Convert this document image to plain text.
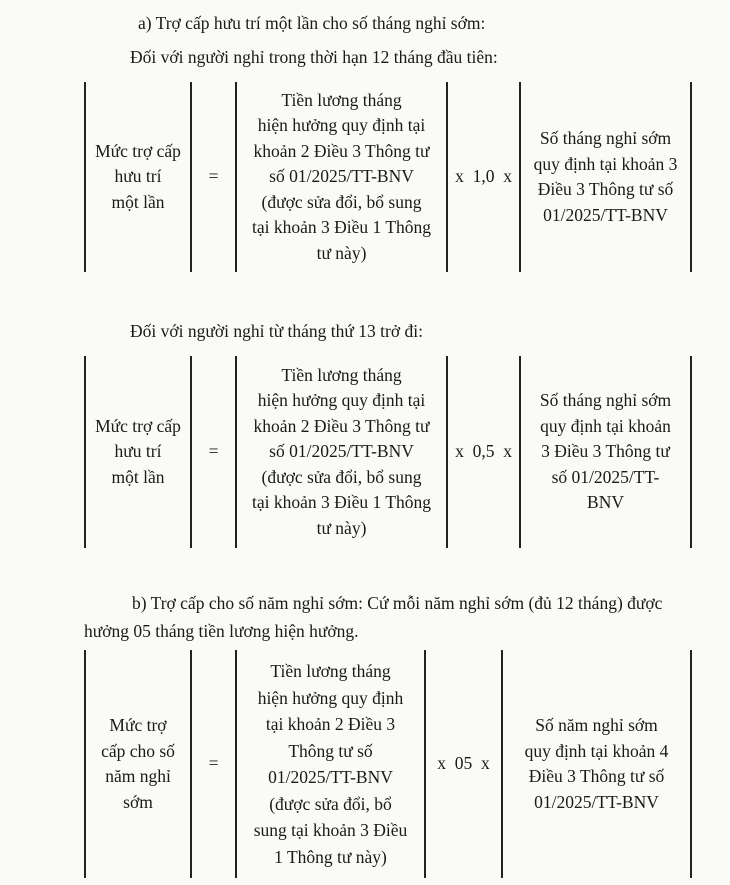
a) Trợ cấp hưu trí một lần cho số tháng nghỉ sớm:
Đối với người nghỉ trong thời hạn 12 tháng đầu tiên:
Mức trợ cấp
hưu trí
một lần
=
Tiền lương tháng
hiện hưởng quy định tại
khoản 2 Điều 3 Thông tư
số 01/2025/TT-BNV
(được sửa đổi, bổ sung
tại khoản 3 Điều 1 Thông
tư này)
x  1,0  x
Số tháng nghỉ sớm
quy định tại khoản 3
Điều 3 Thông tư số
01/2025/TT-BNV
Đối với người nghỉ từ tháng thứ 13 trở đi:
Mức trợ cấp
hưu trí
một lần
=
Tiền lương tháng
hiện hưởng quy định tại
khoản 2 Điều 3 Thông tư
số 01/2025/TT-BNV
(được sửa đổi, bổ sung
tại khoản 3 Điều 1 Thông
tư này)
x  0,5  x
Số tháng nghỉ sớm
quy định tại khoản
3 Điều 3 Thông tư
số 01/2025/TT-
BNV
b) Trợ cấp cho số năm nghỉ sớm: Cứ mỗi năm nghỉ sớm (đủ 12 tháng) được
hưởng 05 tháng tiền lương hiện hưởng.
Mức trợ
cấp cho số
năm nghỉ
sớm
=
Tiền lương tháng
hiện hưởng quy định
tại khoản 2 Điều 3
Thông tư số
01/2025/TT-BNV
(được sửa đổi, bổ
sung tại khoản 3 Điều
1 Thông tư này)
x  05  x
Số năm nghỉ sớm
quy định tại khoản 4
Điều 3 Thông tư số
01/2025/TT-BNV
